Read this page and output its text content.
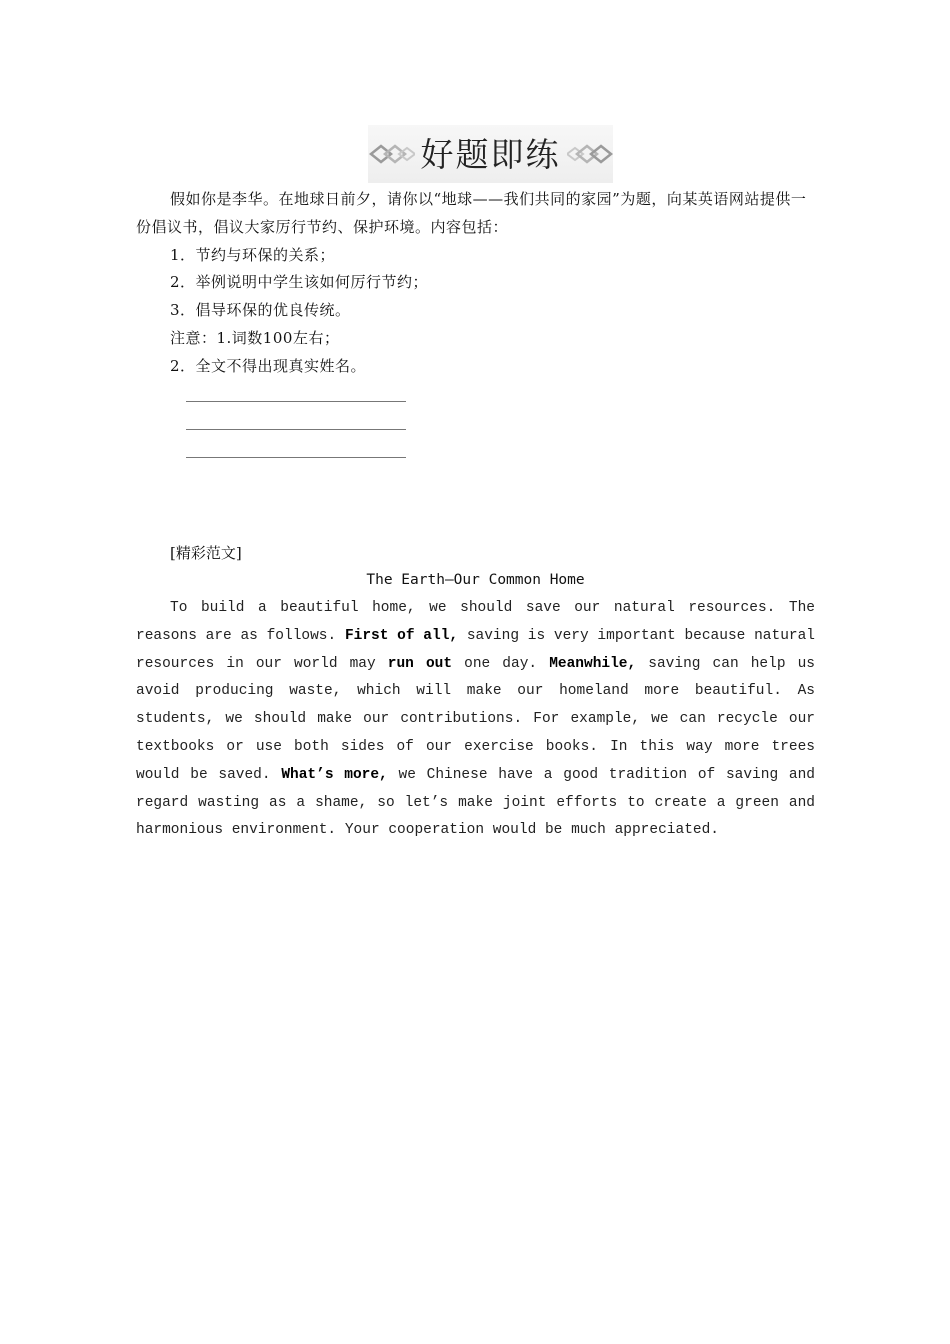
好题即练

假如你是李华。在地球日前夕，请你以“地球——我们共同的家园”为题，向某英语网站提供一份倡议书，倡议大家厉行节约、保护环境。内容包括：

1．节约与环保的关系；

2．举例说明中学生该如何厉行节约；

3．倡导环保的优良传统。

注意：1.词数100左右；

2．全文不得出现真实姓名。

[精彩范文]
The Earth—Our Common Home

To build a beautiful home, we should save our natural resources. The reasons are as follows. First of all, saving is very important because natural resources in our world may run out one day. Meanwhile, saving can help us avoid producing waste, which will make our homeland more beautiful. As students, we should make our contributions. For example, we can recycle our textbooks or use both sides of our exercise books. In this way more trees would be saved. What’s more, we Chinese have a good tradition of saving and regard wasting as a shame, so let’s make joint efforts to create a green and harmonious environment. Your cooperation would be much appreciated.
